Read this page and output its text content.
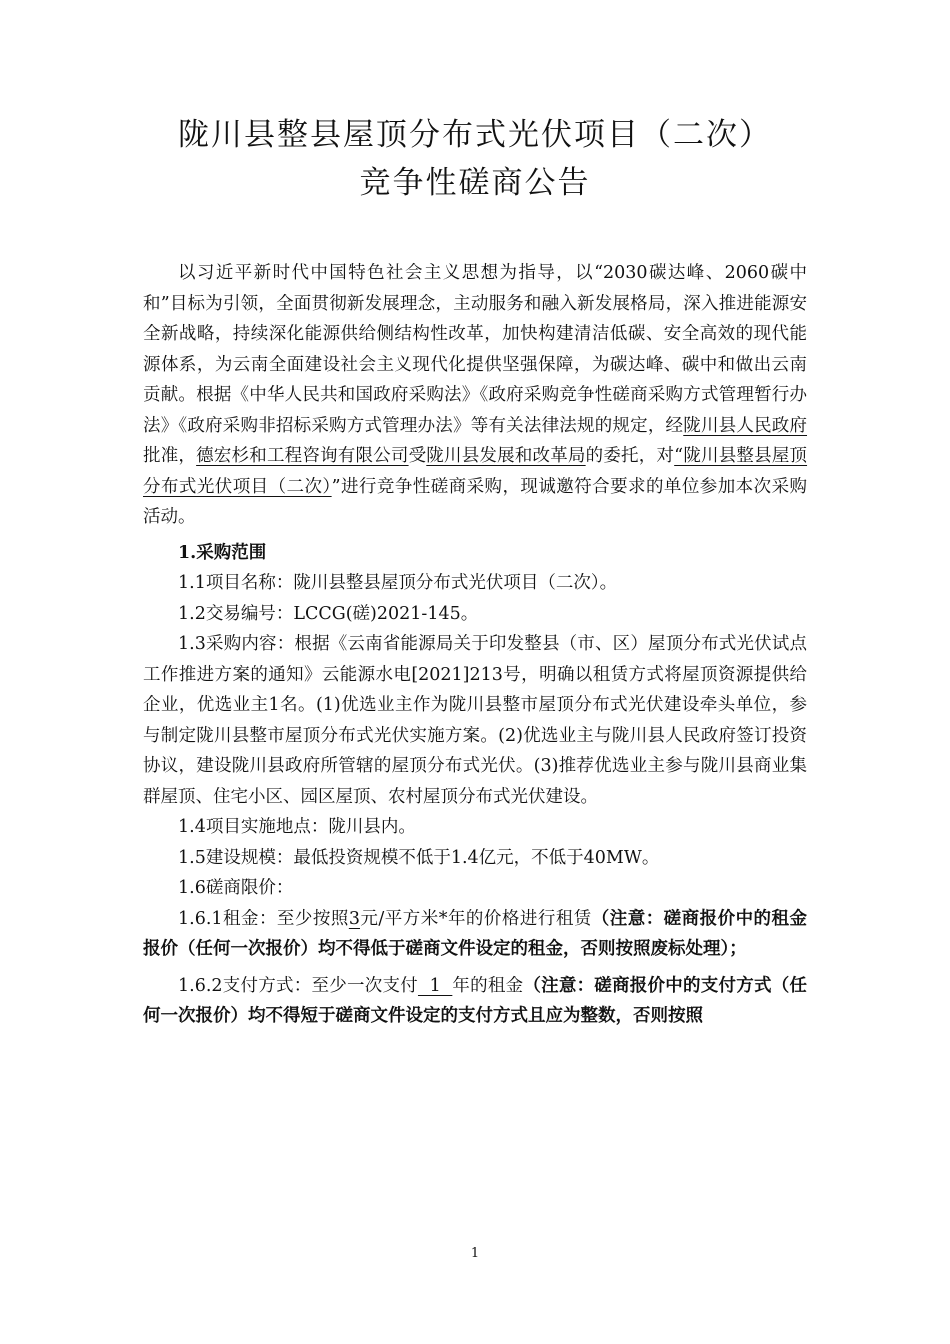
陇川县整县屋顶分布式光伏项目（二次）
竞争性磋商公告

以习近平新时代中国特色社会主义思想为指导，以“2030碳达峰、2060碳中和”目标为引领，全面贯彻新发展理念，主动服务和融入新发展格局，深入推进能源安全新战略，持续深化能源供给侧结构性改革，加快构建清洁低碳、安全高效的现代能源体系，为云南全面建设社会主义现代化提供坚强保障，为碳达峰、碳中和做出云南贡献。根据《中华人民共和国政府采购法》《政府采购竞争性磋商采购方式管理暂行办法》《政府采购非招标采购方式管理办法》等有关法律法规的规定，经陇川县人民政府批准，德宏杉和工程咨询有限公司受陇川县发展和改革局的委托，对“陇川县整县屋顶分布式光伏项目（二次）”进行竞争性磋商采购，现诚邀符合要求的单位参加本次采购活动。

1.采购范围

1.1项目名称：陇川县整县屋顶分布式光伏项目（二次）。

1.2交易编号：LCCG(磋)2021-145。

1.3采购内容：根据《云南省能源局关于印发整县（市、区）屋顶分布式光伏试点工作推进方案的通知》云能源水电[2021]213号，明确以租赁方式将屋顶资源提供给企业，优选业主1名。(1)优选业主作为陇川县整市屋顶分布式光伏建设牵头单位，参与制定陇川县整市屋顶分布式光伏实施方案。(2)优选业主与陇川县人民政府签订投资协议，建设陇川县政府所管辖的屋顶分布式光伏。(3)推荐优选业主参与陇川县商业集群屋顶、住宅小区、园区屋顶、农村屋顶分布式光伏建设。

1.4项目实施地点：陇川县内。

1.5建设规模：最低投资规模不低于1.4亿元，不低于40MW。

1.6磋商限价：

1.6.1租金：至少按照3元/平方米*年的价格进行租赁（注意：磋商报价中的租金报价（任何一次报价）均不得低于磋商文件设定的租金，否则按照废标处理）；

1.6.2支付方式：至少一次支付  1  年的租金（注意：磋商报价中的支付方式（任何一次报价）均不得短于磋商文件设定的支付方式且应为整数，否则按照

1
